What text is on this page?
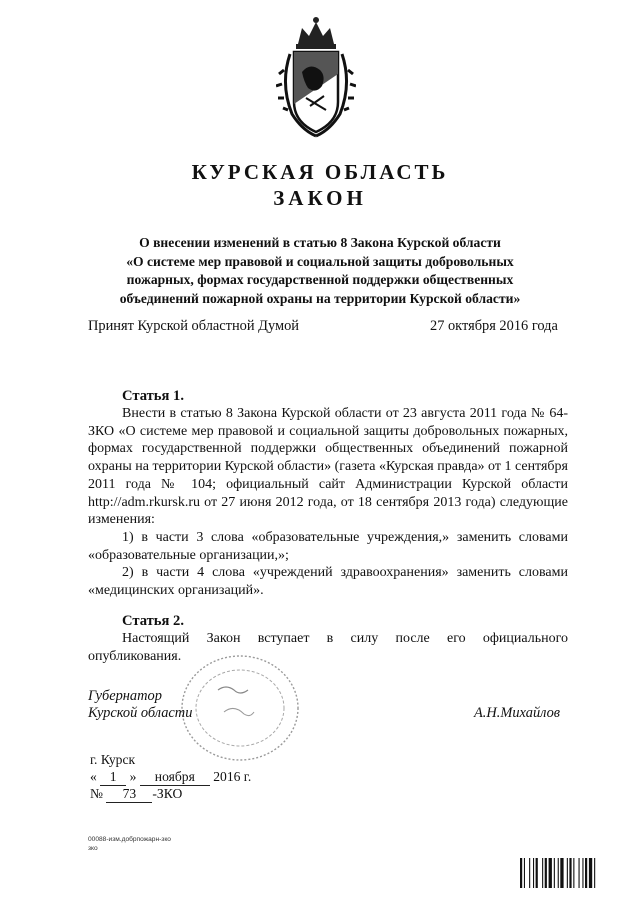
КУРСКАЯ ОБЛАСТЬ
ЗАКОН
О внесении изменений в статью 8 Закона Курской области
«О системе мер правовой и социальной защиты добровольных
пожарных, формах государственной поддержки общественных
объединений пожарной охраны на территории Курской области»
Принят Курской областной Думой	27 октября 2016 года
Статья 1.

Внести в статью 8 Закона Курской области от 23 августа 2011 года № 64-ЗКО «О системе мер правовой и социальной защиты добровольных пожарных, формах государственной поддержки общественных объединений пожарной охраны на территории Курской области» (газета «Курская правда» от 1 сентября 2011 года № 104; официальный сайт Администрации Курской области http://adm.rkursk.ru от 27 июня 2012 года, от 18 сентября 2013 года) следующие изменения:

1) в части 3 слова «образовательные учреждения,» заменить словами «образовательные организации,»;

2) в части 4 слова «учреждений здравоохранения» заменить словами «медицинских организаций».

Статья 2.

Настоящий Закон вступает в силу после его официального опубликования.

Губернатор
Курской области	А.Н.Михайлов
г. Курск
« 1 » ноября 2016 г.
№ 73 -ЗКО
00088-изм.добрпожарн-зко
зко
